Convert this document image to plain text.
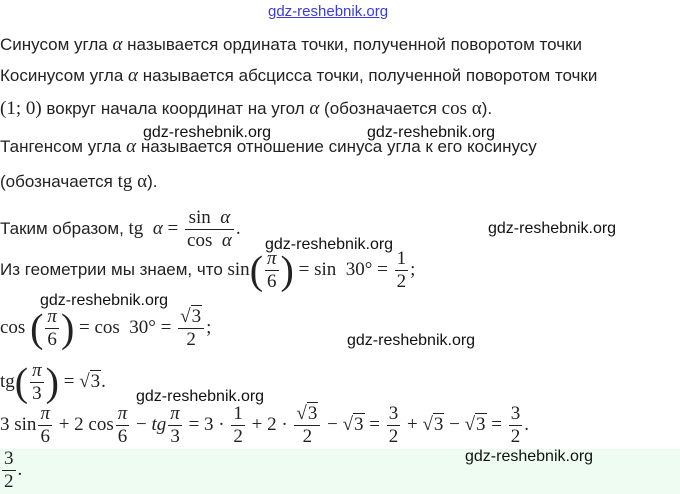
gdz-reshebnik.org
gdz-reshebnik.org	gdz-reshebnik.org
gdz-reshebnik.org
gdz-reshebnik.org
gdz-reshebnik.org
gdz-reshebnik.org
gdz-reshebnik.org
gdz-reshebnik.org
Синусом угла α называется ордината точки, полученной поворотом точки
Косинусом угла α называется абсцисса точки, полученной поворотом точки
(1; 0) вокруг начала координат на угол α (обозначается cos α).
Тангенсом угла α называется отношение синуса угла к его косинусу
(обозначается tg α).
Таким образом, tg  $\alpha = \frac{\text{sin  α}}{\text{cos  α}}$ .
Из геометрии мы знаем, что $\sin( \frac{\pi}{6}$ ) = $\sin 30^\circ = \frac{1}{2}$ ;
cos ( $\frac{\pi}{6}$ ) = $\cos 30^\circ = \frac{√3}{2}$ ;
$tg( \frac{\pi}{3}$ ) = √3.
3 $\sin \frac{\pi}{6} + 2$ $\cos \frac{\pi}{6}$ − tg $\frac{\pi}{3} = 3 \cdot \frac{1}{2} + 2 \cdot \frac{√3}{2} - √3 = \frac{3}{2} + √3 - √3 = \frac{3}{2}$ .
$\frac{3}{2}$ .
